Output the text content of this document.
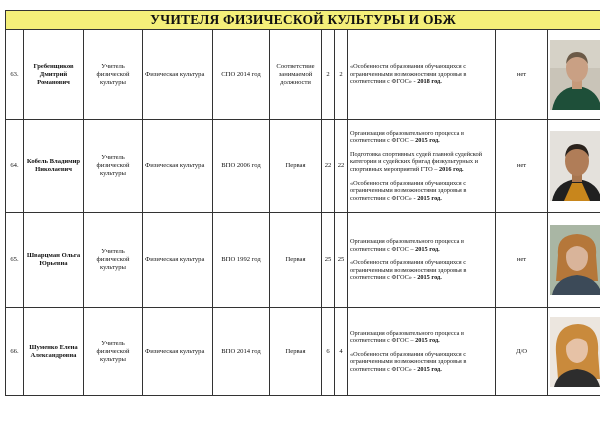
УЧИТЕЛЯ ФИЗИЧЕСКОЙ КУЛЬТУРЫ И ОБЖ										
63.	Гребенщиков Дмитрий Романович	Учитель физической культуры	Физическая культура	СПО 2014 год	Соответствие занимаемой должности	2	2	«Особенности образования обучающихся с ограниченными возможностями здоровья в соответствии с ФГОС» - 2018 год.	нет	
64.	Кобель Владимир Николаевич	Учитель физической культуры	Физическая культура	ВПО 2006 год	Первая	22	22	Организация образовательного процесса в соответствии с ФГОС – 2015 год.

Подготовка спортивных судей главной судейской категории и судейских бригад физкультурных и спортивных мероприятий ГТО – 2016 год.

«Особенности образования обучающихся с ограниченными возможностями здоровья в соответствии с ФГОС» - 2015 год.	нет	
65.	Шварцман Ольга Юрьевна	Учитель физической культуры	Физическая культура	ВПО 1992 год	Первая	25	25	Организация образовательного процесса в соответствии с ФГОС – 2015 год.

«Особенности образования обучающихся с ограниченными возможностями здоровья в соответствии с ФГОС» - 2015 год.	нет	
66.	Шуменко Елена Александровна	Учитель физической культуры	Физическая культура	ВПО 2014 год	Первая	6	4	Организация образовательного процесса в соответствии с ФГОС – 2015 год.

«Особенности образования обучающихся с ограниченными возможностями здоровья в соответствии с ФГОС» - 2015 год.	Д/О	
